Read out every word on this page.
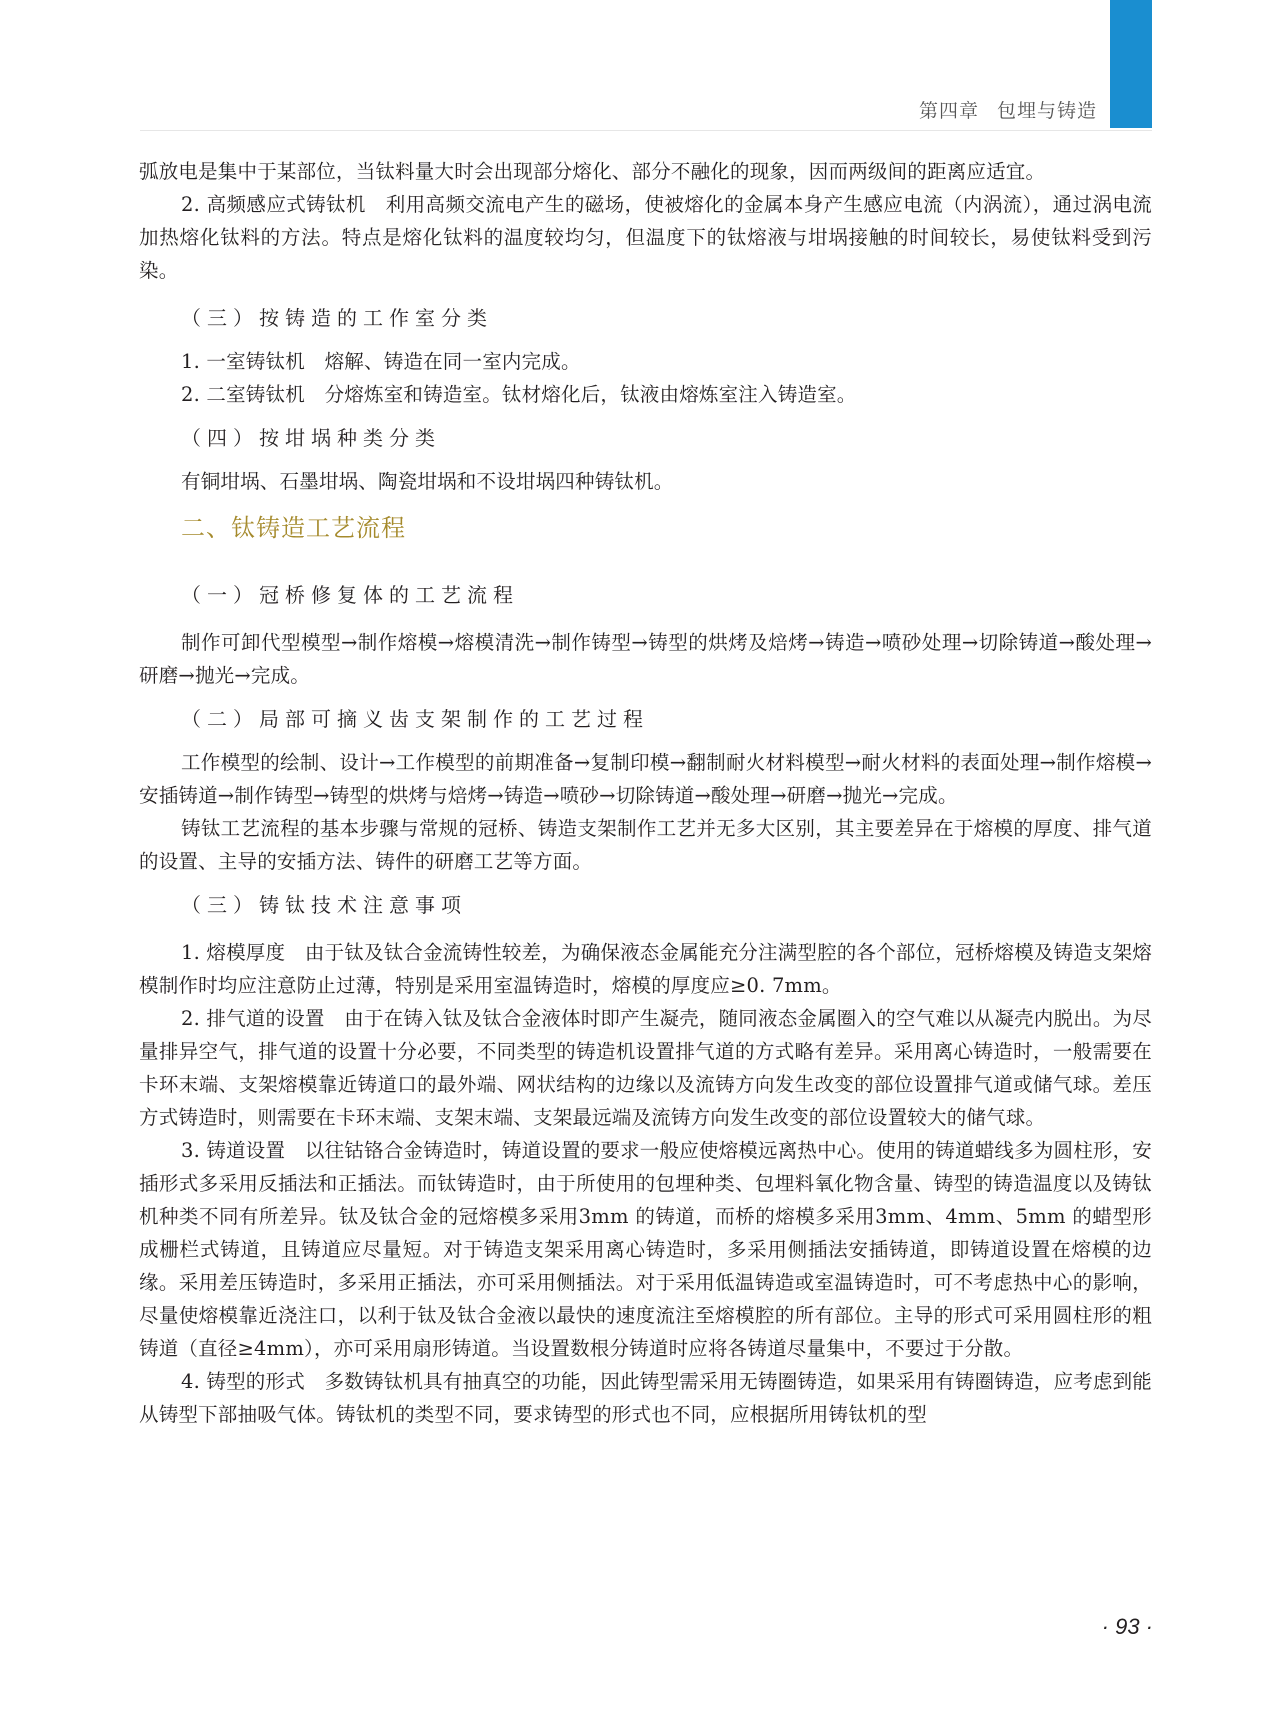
第四章 包埋与铸造

弧放电是集中于某部位，当钛料量大时会出现部分熔化、部分不融化的现象，因而两级间的距离应适宜。

2. 高频感应式铸钛机　利用高频交流电产生的磁场，使被熔化的金属本身产生感应电流（内涡流），通过涡电流加热熔化钛料的方法。特点是熔化钛料的温度较均匀，但温度下的钛熔液与坩埚接触的时间较长，易使钛料受到污染。

（三）按铸造的工作室分类

1. 一室铸钛机　熔解、铸造在同一室内完成。

2. 二室铸钛机　分熔炼室和铸造室。钛材熔化后，钛液由熔炼室注入铸造室。

（四）按坩埚种类分类

有铜坩埚、石墨坩埚、陶瓷坩埚和不设坩埚四种铸钛机。

二、钛铸造工艺流程

（一）冠桥修复体的工艺流程

制作可卸代型模型→制作熔模→熔模清洗→制作铸型→铸型的烘烤及焙烤→铸造→喷砂处理→切除铸道→酸处理→研磨→抛光→完成。

（二）局部可摘义齿支架制作的工艺过程

工作模型的绘制、设计→工作模型的前期准备→复制印模→翻制耐火材料模型→耐火材料的表面处理→制作熔模→安插铸道→制作铸型→铸型的烘烤与焙烤→铸造→喷砂→切除铸道→酸处理→研磨→抛光→完成。

铸钛工艺流程的基本步骤与常规的冠桥、铸造支架制作工艺并无多大区别，其主要差异在于熔模的厚度、排气道的设置、主导的安插方法、铸件的研磨工艺等方面。

（三）铸钛技术注意事项

1. 熔模厚度　由于钛及钛合金流铸性较差，为确保液态金属能充分注满型腔的各个部位，冠桥熔模及铸造支架熔模制作时均应注意防止过薄，特别是采用室温铸造时，熔模的厚度应≥0. 7mm。

2. 排气道的设置　由于在铸入钛及钛合金液体时即产生凝壳，随同液态金属圈入的空气难以从凝壳内脱出。为尽量排异空气，排气道的设置十分必要，不同类型的铸造机设置排气道的方式略有差异。采用离心铸造时，一般需要在卡环末端、支架熔模靠近铸道口的最外端、网状结构的边缘以及流铸方向发生改变的部位设置排气道或储气球。差压方式铸造时，则需要在卡环末端、支架末端、支架最远端及流铸方向发生改变的部位设置较大的储气球。

3. 铸道设置　以往钴铬合金铸造时，铸道设置的要求一般应使熔模远离热中心。使用的铸道蜡线多为圆柱形，安插形式多采用反插法和正插法。而钛铸造时，由于所使用的包埋种类、包埋料氧化物含量、铸型的铸造温度以及铸钛机种类不同有所差异。钛及钛合金的冠熔模多采用3mm 的铸道，而桥的熔模多采用3mm、4mm、5mm 的蜡型形成栅栏式铸道，且铸道应尽量短。对于铸造支架采用离心铸造时，多采用侧插法安插铸道，即铸道设置在熔模的边缘。采用差压铸造时，多采用正插法，亦可采用侧插法。对于采用低温铸造或室温铸造时，可不考虑热中心的影响，尽量使熔模靠近浇注口，以利于钛及钛合金液以最快的速度流注至熔模腔的所有部位。主导的形式可采用圆柱形的粗铸道（直径≥4mm），亦可采用扇形铸道。当设置数根分铸道时应将各铸道尽量集中，不要过于分散。

4. 铸型的形式　多数铸钛机具有抽真空的功能，因此铸型需采用无铸圈铸造，如果采用有铸圈铸造，应考虑到能从铸型下部抽吸气体。铸钛机的类型不同，要求铸型的形式也不同，应根据所用铸钛机的型

· 93 ·
